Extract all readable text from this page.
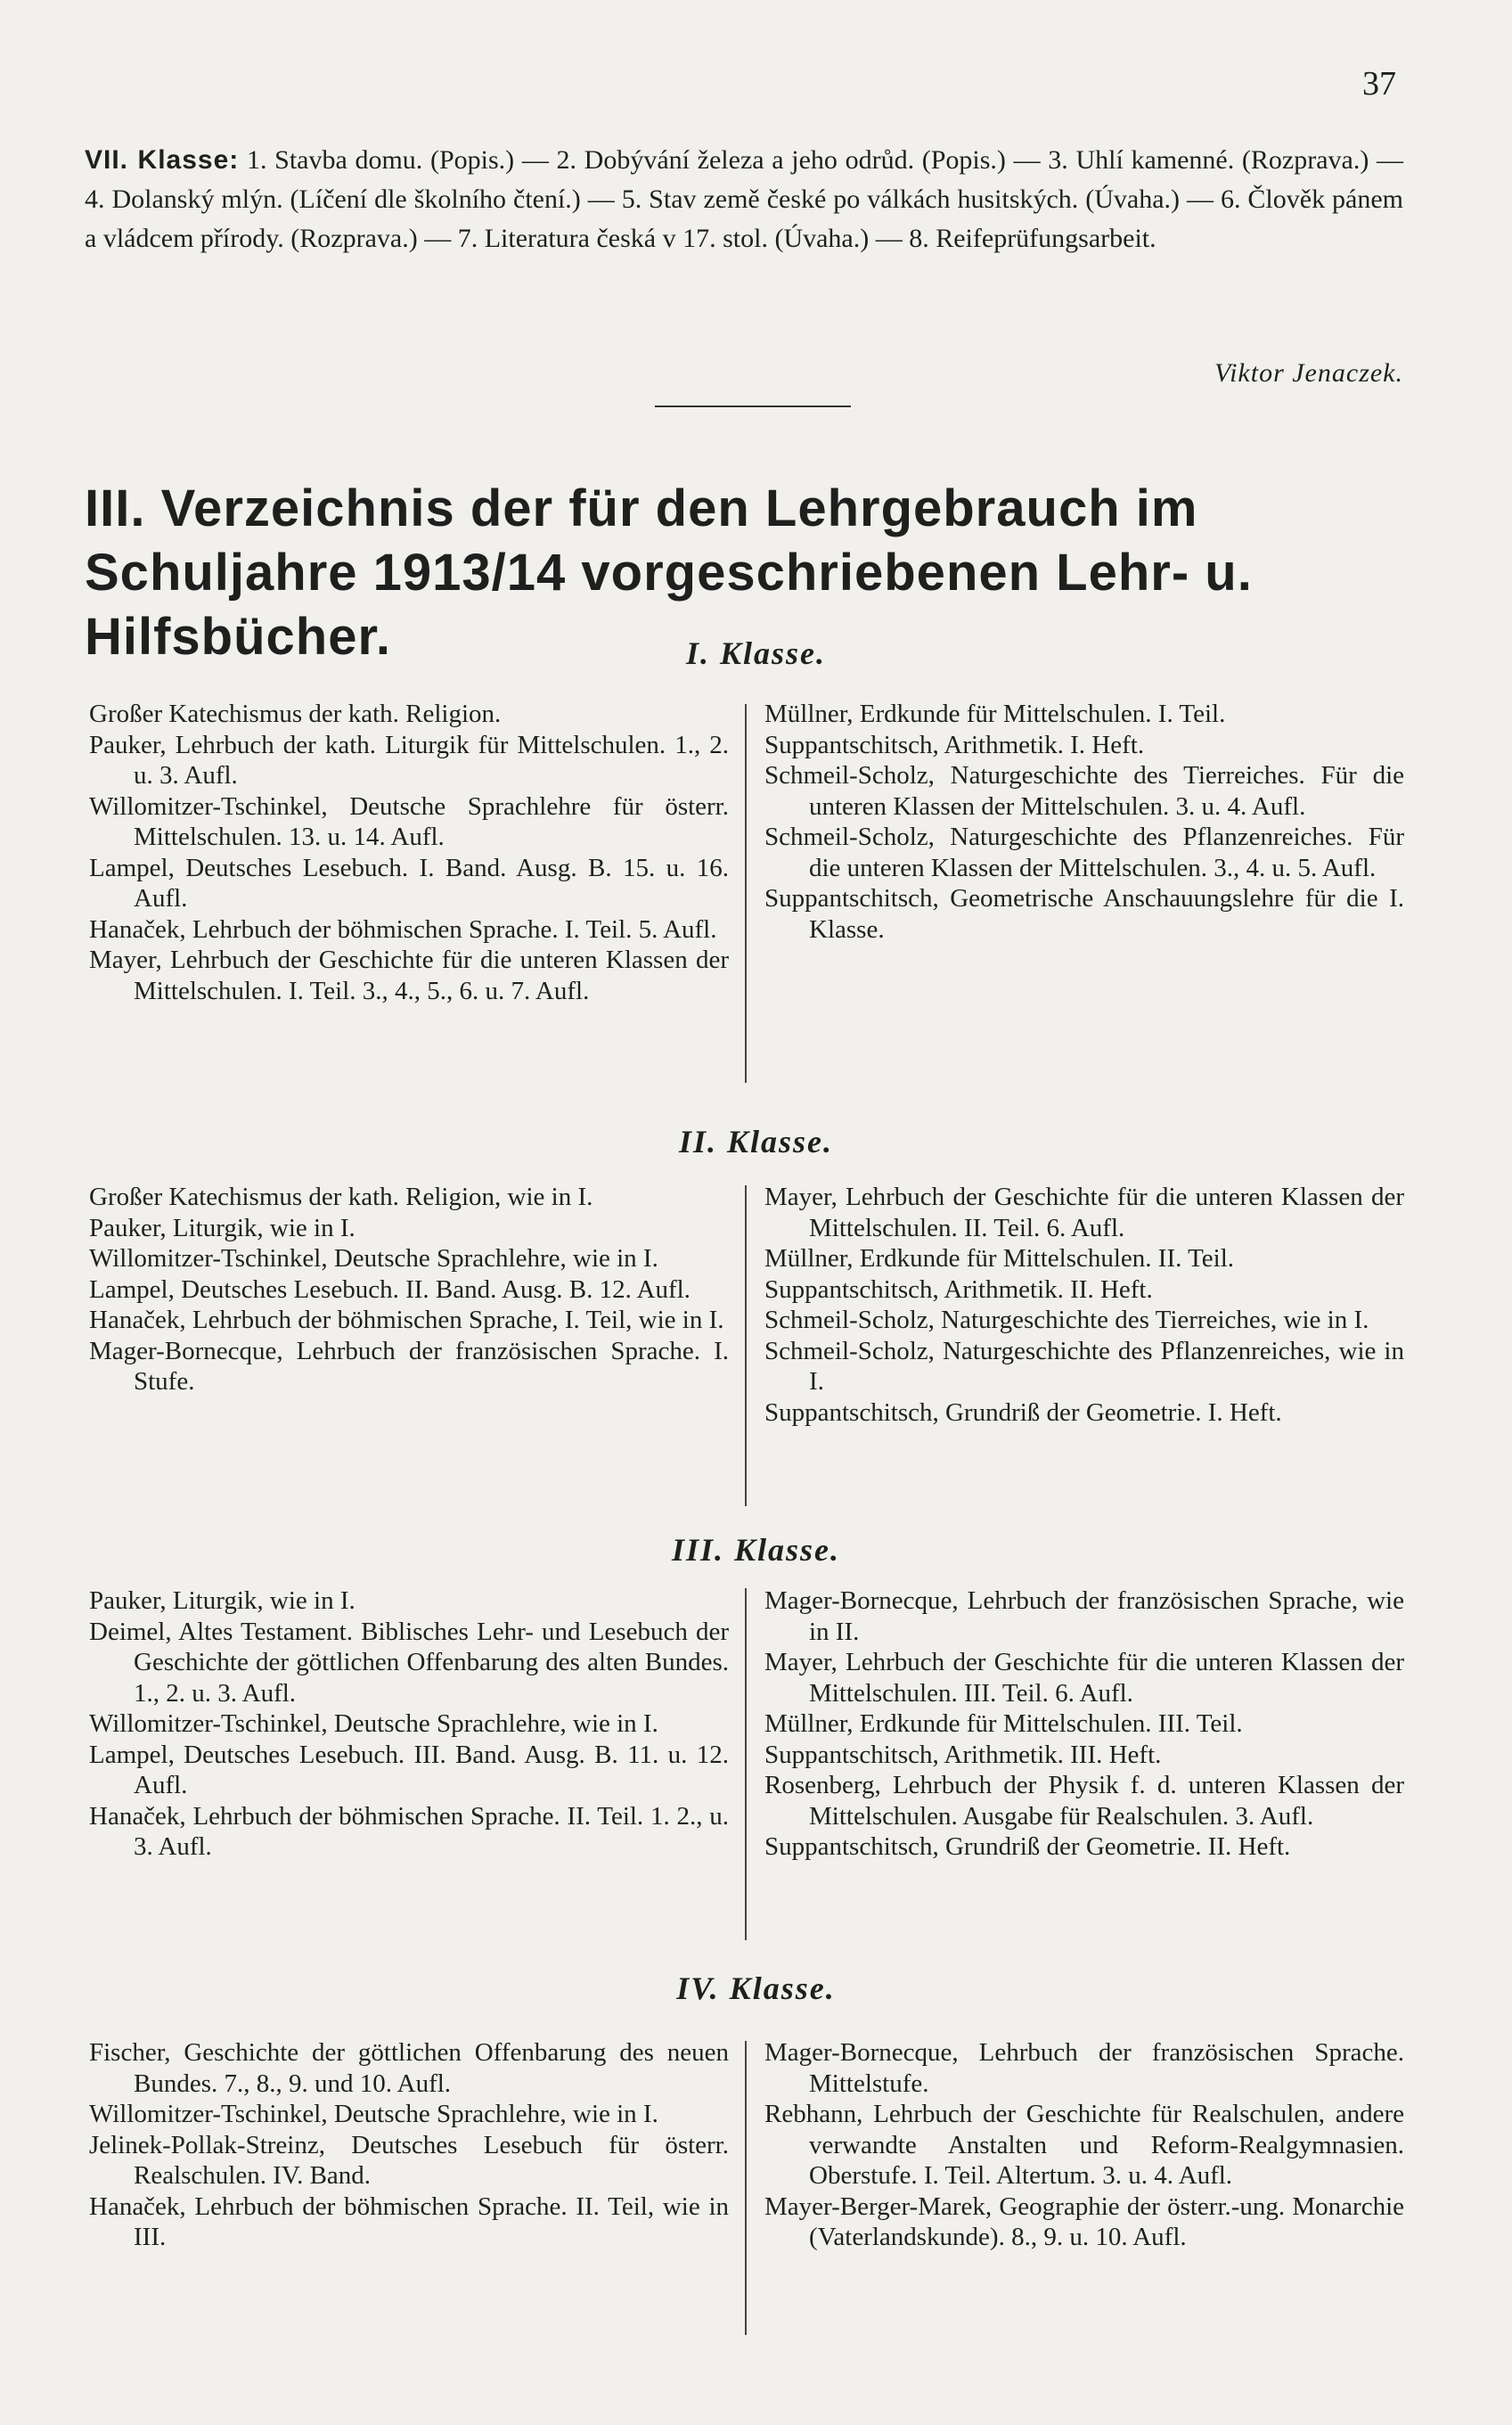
37
VII. Klasse: 1. Stavba domu. (Popis.) — 2. Dobývání železa a jeho odrůd. (Popis.) — 3. Uhlí kamenné. (Rozprava.) — 4. Dolanský mlýn. (Líčení dle školního čtení.) — 5. Stav země české po válkách husitských. (Úvaha.) — 6. Člověk pánem a vládcem přírody. (Rozprava.) — 7. Literatura česká v 17. stol. (Úvaha.) — 8. Reifeprüfungsarbeit.
Viktor Jenaczek.
III. Verzeichnis der für den Lehrgebrauch im Schuljahre 1913/14 vorgeschriebenen Lehr- u. Hilfsbücher.	I. Klasse.
Großer Katechismus der kath. Religion.
Pauker, Lehrbuch der kath. Liturgik für Mittelschulen. 1., 2. u. 3. Aufl.
Willomitzer-Tschinkel, Deutsche Sprachlehre für österr. Mittelschulen. 13. u. 14. Aufl.
Lampel, Deutsches Lesebuch. I. Band. Ausg. B. 15. u. 16. Aufl.
Hanaček, Lehrbuch der böhmischen Sprache. I. Teil. 5. Aufl.
Mayer, Lehrbuch der Geschichte für die unteren Klassen der Mittelschulen. I. Teil. 3., 4., 5., 6. u. 7. Aufl.
Müllner, Erdkunde für Mittelschulen. I. Teil.
Suppantschitsch, Arithmetik. I. Heft.
Schmeil-Scholz, Naturgeschichte des Tierreiches. Für die unteren Klassen der Mittelschulen. 3. u. 4. Aufl.
Schmeil-Scholz, Naturgeschichte des Pflanzenreiches. Für die unteren Klassen der Mittelschulen. 3., 4. u. 5. Aufl.
Suppantschitsch, Geometrische Anschauungslehre für die I. Klasse.
II. Klasse.
Großer Katechismus der kath. Religion, wie in I.
Pauker, Liturgik, wie in I.
Willomitzer-Tschinkel, Deutsche Sprachlehre, wie in I.
Lampel, Deutsches Lesebuch. II. Band. Ausg. B. 12. Aufl.
Hanaček, Lehrbuch der böhmischen Sprache, I. Teil, wie in I.
Mager-Bornecque, Lehrbuch der französischen Sprache. I. Stufe.
Mayer, Lehrbuch der Geschichte für die unteren Klassen der Mittelschulen. II. Teil. 6. Aufl.
Müllner, Erdkunde für Mittelschulen. II. Teil.
Suppantschitsch, Arithmetik. II. Heft.
Schmeil-Scholz, Naturgeschichte des Tierreiches, wie in I.
Schmeil-Scholz, Naturgeschichte des Pflanzenreiches, wie in I.
Suppantschitsch, Grundriß der Geometrie. I. Heft.
III. Klasse.
Pauker, Liturgik, wie in I.
Deimel, Altes Testament. Biblisches Lehr- und Lesebuch der Geschichte der göttlichen Offenbarung des alten Bundes. 1., 2. u. 3. Aufl.
Willomitzer-Tschinkel, Deutsche Sprachlehre, wie in I.
Lampel, Deutsches Lesebuch. III. Band. Ausg. B. 11. u. 12. Aufl.
Hanaček, Lehrbuch der böhmischen Sprache. II. Teil. 1. 2., u. 3. Aufl.
Mager-Bornecque, Lehrbuch der französischen Sprache, wie in II.
Mayer, Lehrbuch der Geschichte für die unteren Klassen der Mittelschulen. III. Teil. 6. Aufl.
Müllner, Erdkunde für Mittelschulen. III. Teil.
Suppantschitsch, Arithmetik. III. Heft.
Rosenberg, Lehrbuch der Physik f. d. unteren Klassen der Mittelschulen. Ausgabe für Realschulen. 3. Aufl.
Suppantschitsch, Grundriß der Geometrie. II. Heft.
IV. Klasse.
Fischer, Geschichte der göttlichen Offenbarung des neuen Bundes. 7., 8., 9. und 10. Aufl.
Willomitzer-Tschinkel, Deutsche Sprachlehre, wie in I.
Jelinek-Pollak-Streinz, Deutsches Lesebuch für österr. Realschulen. IV. Band.
Hanaček, Lehrbuch der böhmischen Sprache. II. Teil, wie in III.
Mager-Bornecque, Lehrbuch der französischen Sprache. Mittelstufe.
Rebhann, Lehrbuch der Geschichte für Realschulen, andere verwandte Anstalten und Reform-Realgymnasien. Oberstufe. I. Teil. Altertum. 3. u. 4. Aufl.
Mayer-Berger-Marek, Geographie der österr.-ung. Monarchie (Vaterlandskunde). 8., 9. u. 10. Aufl.
